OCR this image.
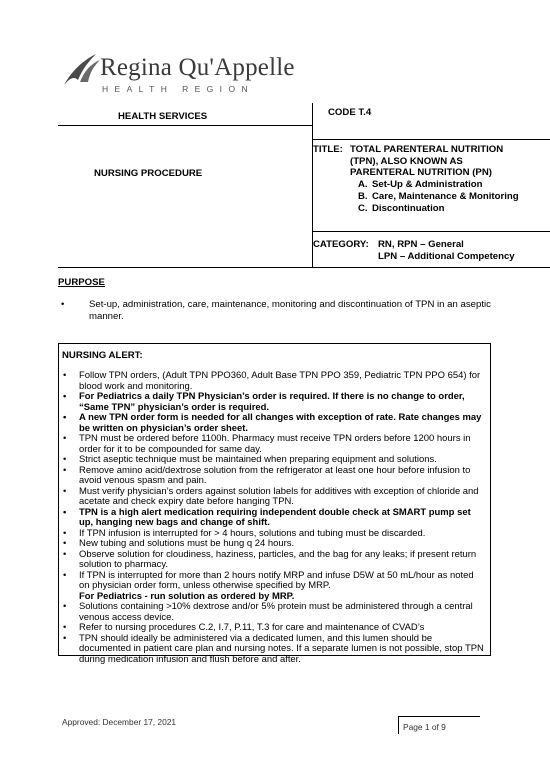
Regina Qu'Appelle
HEALTH REGION
HEALTH SERVICES	CODE T.4
NURSING PROCEDURE
TITLE: TOTAL PARENTERAL NUTRITION
(TPN), ALSO KNOWN AS
PARENTERAL NUTRITION (PN)
A. Set-Up & Administration
B. Care, Maintenance & Monitoring
C. Discontinuation
CATEGORY: RN, RPN – General
LPN – Additional Competency
PURPOSE
• Set-up, administration, care, maintenance, monitoring and discontinuation of TPN in an aseptic manner.
NURSING ALERT:
• Follow TPN orders, (Adult TPN PPO360, Adult Base TPN PPO 359, Pediatric TPN PPO 654) for blood work and monitoring.
• For Pediatrics a daily TPN Physician’s order is required. If there is no change to order, “Same TPN” physician’s order is required.
• A new TPN order form is needed for all changes with exception of rate. Rate changes may be written on physician’s order sheet.
• TPN must be ordered before 1100h. Pharmacy must receive TPN orders before 1200 hours in order for it to be compounded for same day.
• Strict aseptic technique must be maintained when preparing equipment and solutions.
• Remove amino acid/dextrose solution from the refrigerator at least one hour before infusion to avoid venous spasm and pain.
• Must verify physician’s orders against solution labels for additives with exception of chloride and acetate and check expiry date before hanging TPN.
• TPN is a high alert medication requiring independent double check at SMART pump set up, hanging new bags and change of shift.
• If TPN infusion is interrupted for > 4 hours, solutions and tubing must be discarded.
• New tubing and solutions must be hung q 24 hours.
• Observe solution for cloudiness, haziness, particles, and the bag for any leaks; if present return solution to pharmacy.
• If TPN is interrupted for more than 2 hours notify MRP and infuse D5W at 50 mL/hour as noted on physician order form, unless otherwise specified by MRP.
For Pediatrics - run solution as ordered by MRP.
• Solutions containing >10% dextrose and/or 5% protein must be administered through a central venous access device.
• Refer to nursing procedures C.2, I.7, P.11, T.3 for care and maintenance of CVAD’s
• TPN should ideally be administered via a dedicated lumen, and this lumen should be documented in patient care plan and nursing notes. If a separate lumen is not possible, stop TPN during medication infusion and flush before and after.
Approved: December 17, 2021	Page 1 of 9
